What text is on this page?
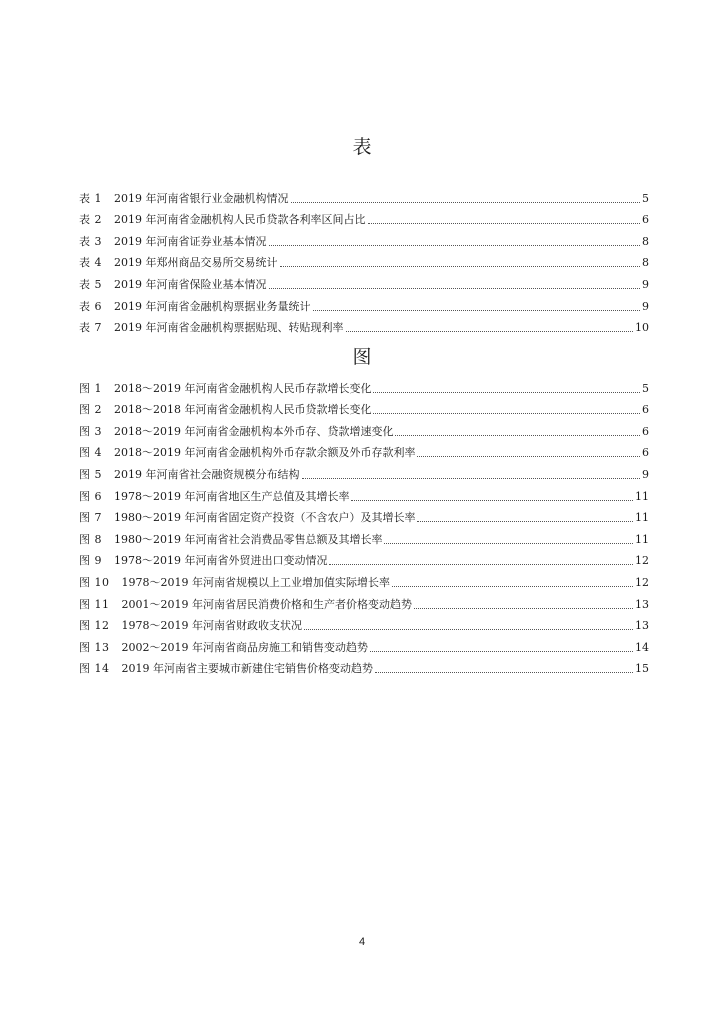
表
表 1 2019 年河南省银行业金融机构情况	5
表 2 2019 年河南省金融机构人民币贷款各利率区间占比	6
表 3 2019 年河南省证券业基本情况	8
表 4 2019 年郑州商品交易所交易统计	8
表 5 2019 年河南省保险业基本情况	9
表 6 2019 年河南省金融机构票据业务量统计	9
表 7 2019 年河南省金融机构票据贴现、转贴现利率	10
图
图 1 2018～2019 年河南省金融机构人民币存款增长变化	5
图 2 2018～2018 年河南省金融机构人民币贷款增长变化	6
图 3 2018～2019 年河南省金融机构本外币存、贷款增速变化	6
图 4 2018～2019 年河南省金融机构外币存款余额及外币存款利率	6
图 5 2019 年河南省社会融资规模分布结构	9
图 6 1978～2019 年河南省地区生产总值及其增长率	11
图 7 1980～2019 年河南省固定资产投资（不含农户）及其增长率	11
图 8 1980～2019 年河南省社会消费品零售总额及其增长率	11
图 9 1978～2019 年河南省外贸进出口变动情况	12
图 10 1978～2019 年河南省规模以上工业增加值实际增长率	12
图 11 2001～2019 年河南省居民消费价格和生产者价格变动趋势	13
图 12 1978～2019 年河南省财政收支状况	13
图 13 2002～2019 年河南省商品房施工和销售变动趋势	14
图 14 2019 年河南省主要城市新建住宅销售价格变动趋势	15
4
